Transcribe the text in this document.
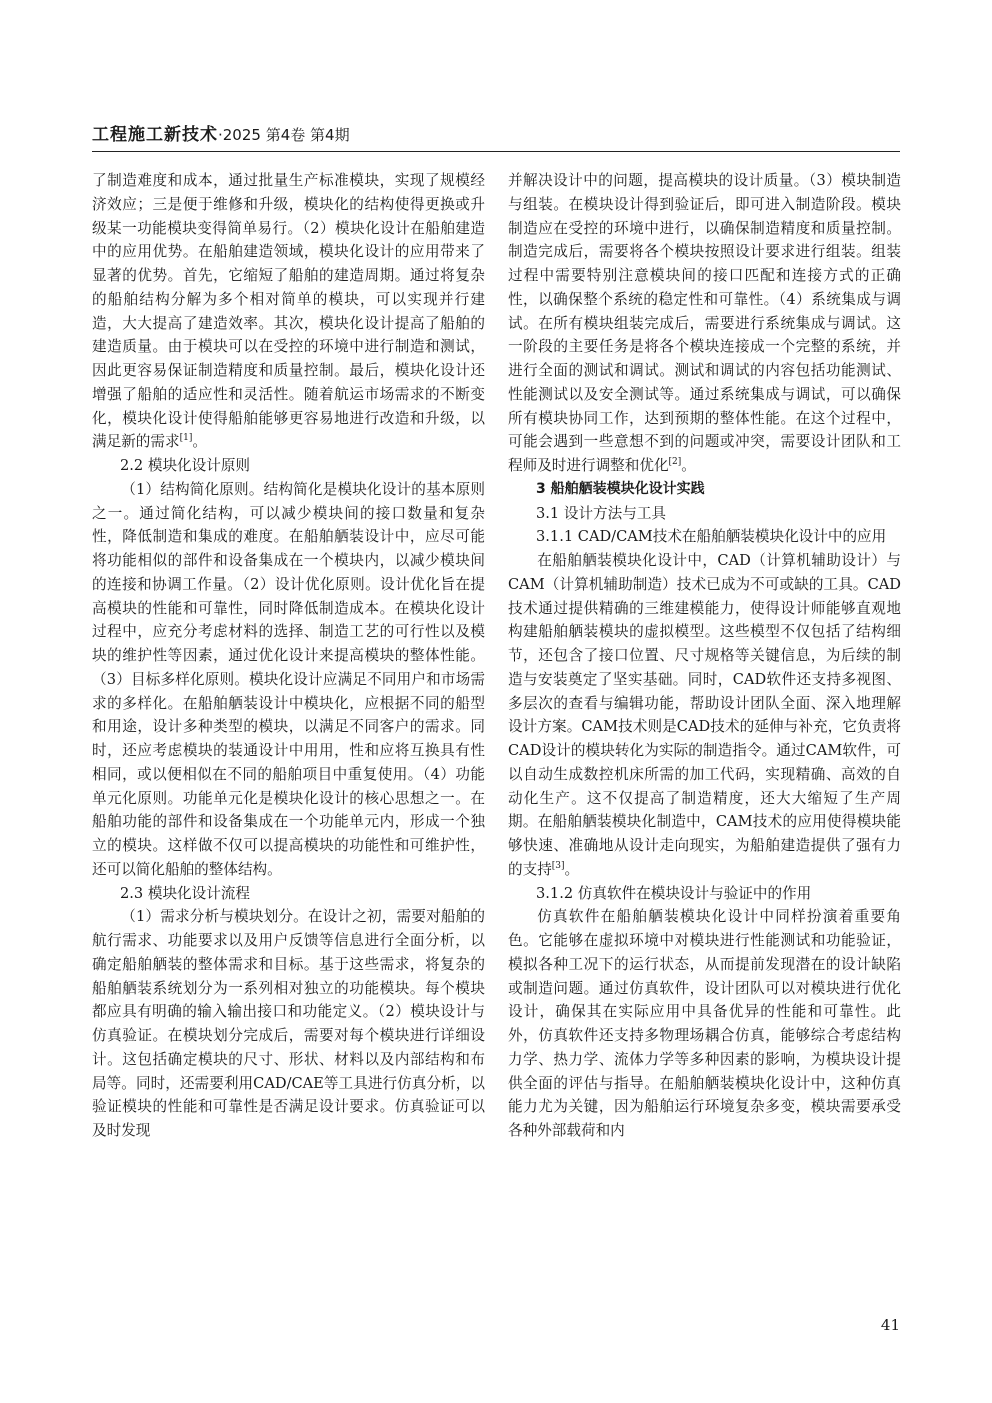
工程施工新技术·2025 第4卷 第4期

了制造难度和成本，通过批量生产标准模块，实现了规模经济效应；三是便于维修和升级，模块化的结构使得更换或升级某一功能模块变得简单易行。（2）模块化设计在船舶建造中的应用优势。在船舶建造领域，模块化设计的应用带来了显著的优势。首先，它缩短了船舶的建造周期。通过将复杂的船舶结构分解为多个相对简单的模块，可以实现并行建造，大大提高了建造效率。其次，模块化设计提高了船舶的建造质量。由于模块可以在受控的环境中进行制造和测试，因此更容易保证制造精度和质量控制。最后，模块化设计还增强了船舶的适应性和灵活性。随着航运市场需求的不断变化，模块化设计使得船舶能够更容易地进行改造和升级，以满足新的需求[1]。

2.2 模块化设计原则

（1）结构简化原则。结构简化是模块化设计的基本原则之一。通过简化结构，可以减少模块间的接口数量和复杂性，降低制造和集成的难度。在船舶舾装设计中，应尽可能将功能相似的部件和设备集成在一个模块内，以减少模块间的连接和协调工作量。（2）设计优化原则。设计优化旨在提高模块的性能和可靠性，同时降低制造成本。在模块化设计过程中，应充分考虑材料的选择、制造工艺的可行性以及模块的维护性等因素，通过优化设计来提高模块的整体性能。（3）目标多样化原则。模块化设计应满足不同用户和市场需求的多样化。在船舶舾装设计中模块化，应根据不同的船型和用途，设计多种类型的模块，以满足不同客户的需求。同时，还应考虑模块的装通设计中用用，性和应将互换具有性相同，或以便相似在不同的船舶项目中重复使用。（4）功能单元化原则。功能单元化是模块化设计的核心思想之一。在船舶功能的部件和设备集成在一个功能单元内，形成一个独立的模块。这样做不仅可以提高模块的功能性和可维护性，还可以简化船舶的整体结构。

2.3 模块化设计流程

（1）需求分析与模块划分。在设计之初，需要对船舶的航行需求、功能要求以及用户反馈等信息进行全面分析，以确定船舶舾装的整体需求和目标。基于这些需求，将复杂的船舶舾装系统划分为一系列相对独立的功能模块。每个模块都应具有明确的输入输出接口和功能定义。（2）模块设计与仿真验证。在模块划分完成后，需要对每个模块进行详细设计。这包括确定模块的尺寸、形状、材料以及内部结构和布局等。同时，还需要利用CAD/CAE等工具进行仿真分析，以验证模块的性能和可靠性是否满足设计要求。仿真验证可以及时发现

并解决设计中的问题，提高模块的设计质量。（3）模块制造与组装。在模块设计得到验证后，即可进入制造阶段。模块制造应在受控的环境中进行，以确保制造精度和质量控制。制造完成后，需要将各个模块按照设计要求进行组装。组装过程中需要特别注意模块间的接口匹配和连接方式的正确性，以确保整个系统的稳定性和可靠性。（4）系统集成与调试。在所有模块组装完成后，需要进行系统集成与调试。这一阶段的主要任务是将各个模块连接成一个完整的系统，并进行全面的测试和调试。测试和调试的内容包括功能测试、性能测试以及安全测试等。通过系统集成与调试，可以确保所有模块协同工作，达到预期的整体性能。在这个过程中，可能会遇到一些意想不到的问题或冲突，需要设计团队和工程师及时进行调整和优化[2]。

3 船舶舾装模块化设计实践

3.1 设计方法与工具

3.1.1 CAD/CAM技术在船舶舾装模块化设计中的应用

在船舶舾装模块化设计中，CAD（计算机辅助设计）与CAM（计算机辅助制造）技术已成为不可或缺的工具。CAD技术通过提供精确的三维建模能力，使得设计师能够直观地构建船舶舾装模块的虚拟模型。这些模型不仅包括了结构细节，还包含了接口位置、尺寸规格等关键信息，为后续的制造与安装奠定了坚实基础。同时，CAD软件还支持多视图、多层次的查看与编辑功能，帮助设计团队全面、深入地理解设计方案。CAM技术则是CAD技术的延伸与补充，它负责将CAD设计的模块转化为实际的制造指令。通过CAM软件，可以自动生成数控机床所需的加工代码，实现精确、高效的自动化生产。这不仅提高了制造精度，还大大缩短了生产周期。在船舶舾装模块化制造中，CAM技术的应用使得模块能够快速、准确地从设计走向现实，为船舶建造提供了强有力的支持[3]。

3.1.2 仿真软件在模块设计与验证中的作用

仿真软件在船舶舾装模块化设计中同样扮演着重要角色。它能够在虚拟环境中对模块进行性能测试和功能验证，模拟各种工况下的运行状态，从而提前发现潜在的设计缺陷或制造问题。通过仿真软件，设计团队可以对模块进行优化设计，确保其在实际应用中具备优异的性能和可靠性。此外，仿真软件还支持多物理场耦合仿真，能够综合考虑结构力学、热力学、流体力学等多种因素的影响，为模块设计提供全面的评估与指导。在船舶舾装模块化设计中，这种仿真能力尤为关键，因为船舶运行环境复杂多变，模块需要承受各种外部载荷和内

41
